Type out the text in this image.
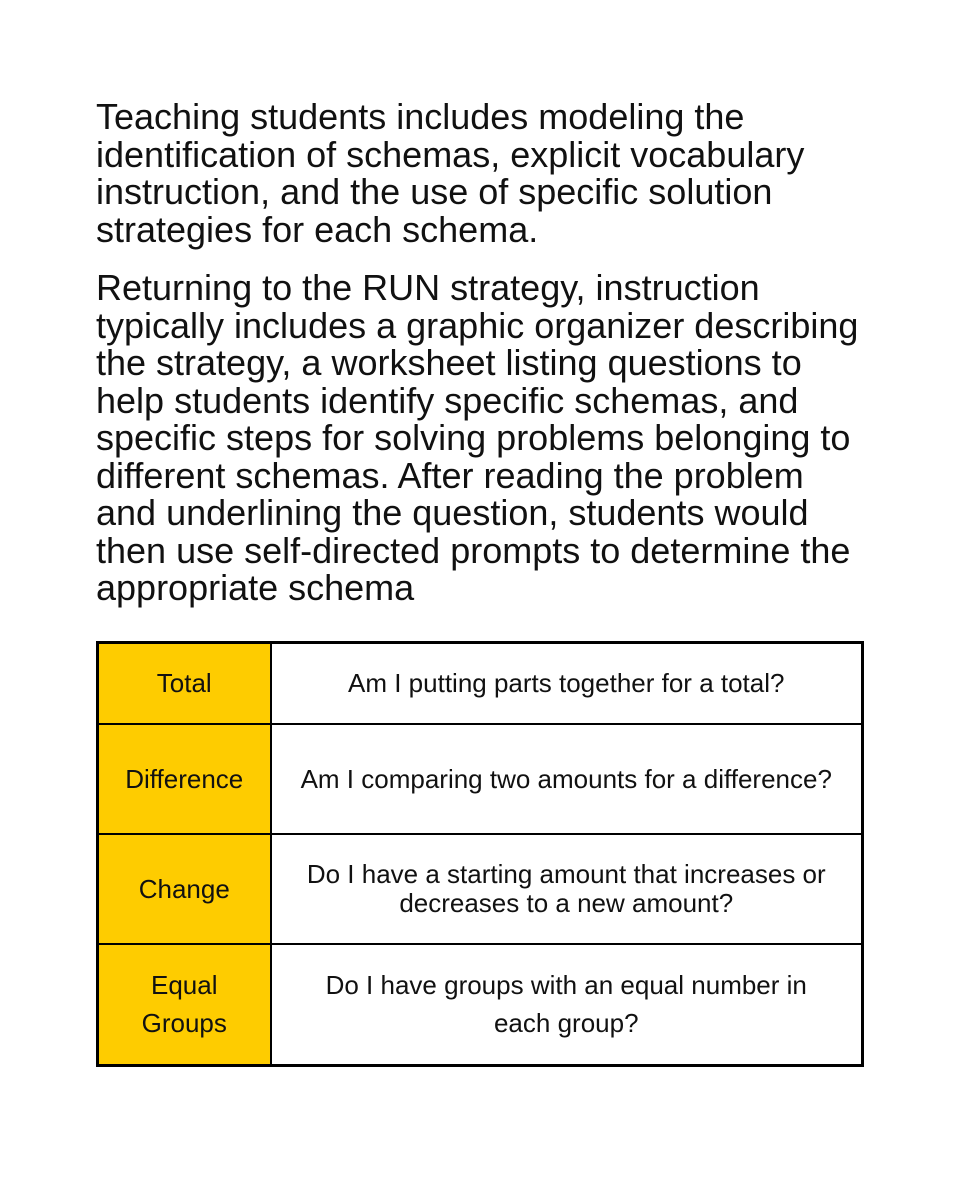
Teaching students includes modeling the identification of schemas, explicit vocabulary instruction, and the use of specific solution strategies for each schema.

Returning to the RUN strategy, instruction typically includes a graphic organizer describing the strategy, a worksheet listing questions to help students identify specific schemas, and specific steps for solving problems belonging to different schemas. After reading the problem and underlining the question, students would then use self-directed prompts to determine the appropriate schema

Total	Am I putting parts together for a total?
Difference	Am I comparing two amounts for a difference?
Change	Do I have a starting amount that increases or decreases to a new amount?
Equal Groups	Do I have groups with an equal number in each group?
